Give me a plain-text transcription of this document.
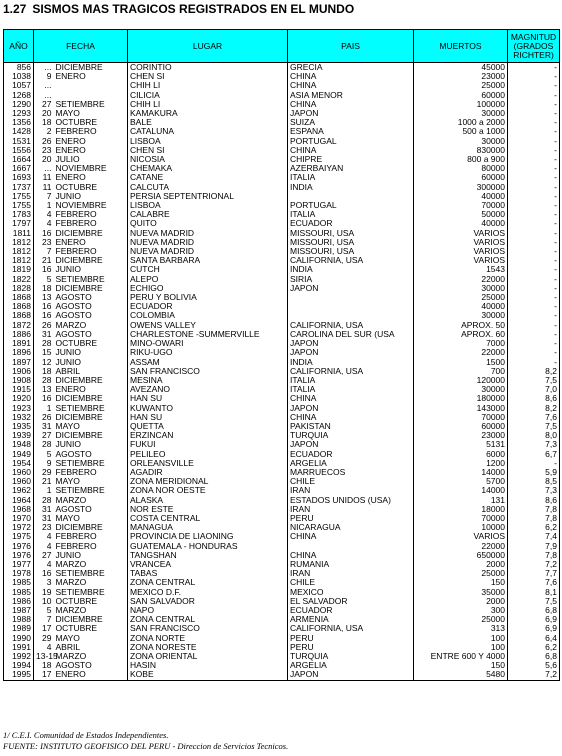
1.27 SISMOS MAS TRAGICOS REGISTRADOS EN EL MUNDO
AÑO	FECHA		LUGAR	PAIS	MUERTOS	MAGNITUD (GRADOS RICHTER)
856	...	DICIEMBRE	CORINTIO	GRECIA	45000	-
1038	9	ENERO	CHEN SI	CHINA	23000	-
1057	...		CHIH LI	CHINA	25000	-
1268	...		CILICIA	ASIA MENOR	60000	-
1290	27	SETIEMBRE	CHIH LI	CHINA	100000	-
1293	20	MAYO	KAMAKURA	JAPON	30000	-
1356	18	OCTUBRE	BALE	SUIZA	1000 a 2000	-
1428	2	FEBRERO	CATALUNA	ESPANA	500 a 1000	-
1531	26	ENERO	LISBOA	PORTUGAL	30000	-
1556	23	ENERO	CHEN SI	CHINA	830000	-
1664	20	JULIO	NICOSIA	CHIPRE	800 a 900	-
1667	...	NOVIEMBRE	CHEMAKA	AZERBAIYAN	80000	-
1693	11	ENERO	CATANE	ITALIA	60000	-
1737	11	OCTUBRE	CALCUTA	INDIA	300000	-
1755	7	JUNIO	PERSIA SEPTENTRIONAL		40000	-
1755	1	NOVIEMBRE	LISBOA	PORTUGAL	70000	-
1783	4	FEBRERO	CALABRE	ITALIA	50000	-
1797	4	FEBRERO	QUITO	ECUADOR	40000	-
1811	16	DICIEMBRE	NUEVA MADRID	MISSOURI, USA	VARIOS	-
1812	23	ENERO	NUEVA MADRID	MISSOURI, USA	VARIOS	-
1812	7	FEBRERO	NUEVA MADRID	MISSOURI, USA	VARIOS	-
1812	21	DICIEMBRE	SANTA BARBARA	CALIFORNIA, USA	VARIOS	-
1819	16	JUNIO	CUTCH	INDIA	1543	-
1822	5	SETIEMBRE	ALEPO	SIRIA	22000	-
1828	18	DICIEMBRE	ECHIGO	JAPON	30000	-
1868	13	AGOSTO	PERU Y BOLIVIA		25000	-
1868	16	AGOSTO	ECUADOR		40000	-
1868	16	AGOSTO	COLOMBIA		30000	-
1872	26	MARZO	OWENS VALLEY	CALIFORNIA, USA	APROX. 50	-
1886	31	AGOSTO	CHARLESTONE -SUMMERVILLE	CAROLINA DEL SUR (USA	APROX. 60	-
1891	28	OCTUBRE	MINO-OWARI	JAPON	7000	-
1896	15	JUNIO	RIKU-UGO	JAPON	22000	-
1897	12	JUNIO	ASSAM	INDIA	1500	-
1906	18	ABRIL	SAN FRANCISCO	CALIFORNIA, USA	700	8,2
1908	28	DICIEMBRE	MESINA	ITALIA	120000	7,5
1915	13	ENERO	AVEZANO	ITALIA	30000	7,0
1920	16	DICIEMBRE	HAN SU	CHINA	180000	8,6
1923	1	SETIEMBRE	KUWANTO	JAPON	143000	8,2
1932	26	DICIEMBRE	HAN SU	CHINA	70000	7,6
1935	31	MAYO	QUETTA	PAKISTAN	60000	7,5
1939	27	DICIEMBRE	ERZINCAN	TURQUIA	23000	8,0
1948	28	JUNIO	FUKUI	JAPON	5131	7,3
1949	5	AGOSTO	PELILEO	ECUADOR	6000	6,7
1954	9	SETIEMBRE	ORLEANSVILLE	ARGELIA	1200	-
1960	29	FEBRERO	AGADIR	MARRUECOS	14000	5,9
1960	21	MAYO	ZONA MERIDIONAL	CHILE	5700	8,5
1962	1	SETIEMBRE	ZONA NOR OESTE	IRAN	14000	7,3
1964	28	MARZO	ALASKA	ESTADOS UNIDOS (USA)	131	8,6
1968	31	AGOSTO	NOR ESTE	IRAN	18000	7,8
1970	31	MAYO	COSTA CENTRAL	PERU	70000	7,8
1972	23	DICIEMBRE	MANAGUA	NICARAGUA	10000	6,2
1975	4	FEBRERO	PROVINCIA DE LIAONING	CHINA	VARIOS	7,4
1976	4	FEBRERO	GUATEMALA - HONDURAS		22000	7,9
1976	27	JUNIO	TANGSHAN	CHINA	650000	7,8
1977	4	MARZO	VRANCEA	RUMANIA	2000	7,2
1978	16	SETIEMBRE	TABAS	IRAN	25000	7,7
1985	3	MARZO	ZONA CENTRAL	CHILE	150	7,6
1985	19	SETIEMBRE	MEXICO D.F.	MEXICO	35000	8,1
1986	10	OCTUBRE	SAN SALVADOR	EL SALVADOR	2000	7,5
1987	5	MARZO	NAPO	ECUADOR	300	6,8
1988	7	DICIEMBRE	ZONA CENTRAL	ARMENIA	25000	6,9
1989	17	OCTUBRE	SAN FRANCISCO	CALIFORNIA, USA	313	6,9
1990	29	MAYO	ZONA NORTE	PERU	100	6,4
1991	4	ABRIL	ZONA NORESTE	PERU	100	6,2
1992	13-15	MARZO	ZONA ORIENTAL	TURQUIA	ENTRE 600 Y 4000	6,8
1994	18	AGOSTO	HASIN	ARGELIA	150	5,6
1995	17	ENERO	KOBE	JAPON	5480	7,2
1/ C.E.I. Comunidad de Estados Independientes.
FUENTE: INSTITUTO GEOFISICO DEL PERU - Direccion de Servicios Tecnicos.
